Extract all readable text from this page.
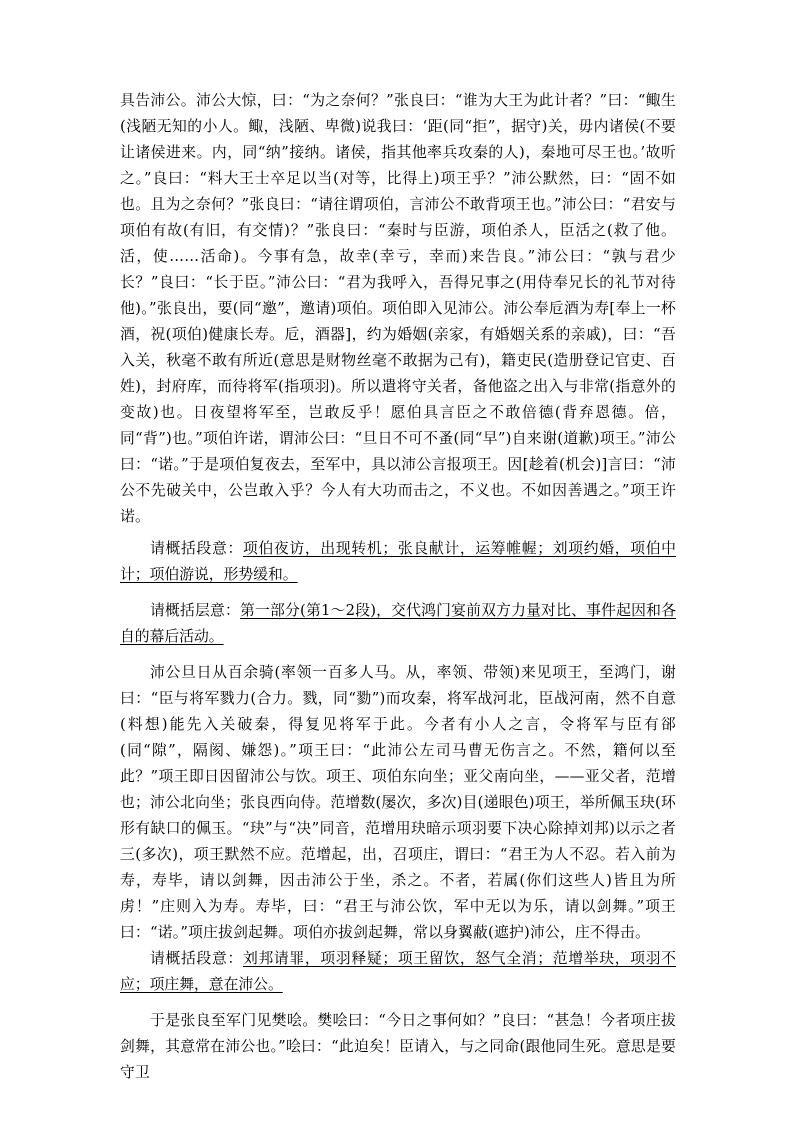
具告沛公。沛公大惊，曰：“为之奈何？”张良曰：“谁为大王为此计者？”曰：“鲰生(浅陋无知的小人。鲰，浅陋、卑微)说我曰：‘距(同“拒”，据守)关，毋内诸侯(不要让诸侯进来。内，同“纳”接纳。诸侯，指其他率兵攻秦的人)，秦地可尽王也。’故听之。”良曰：“料大王士卒足以当(对等，比得上)项王乎？”沛公默然，曰：“固不如也。且为之奈何？”张良曰：“请往谓项伯，言沛公不敢背项王也。”沛公曰：“君安与项伯有故(有旧，有交情)？”张良曰：“秦时与臣游，项伯杀人，臣活之(救了他。活，使……活命)。今事有急，故幸(幸亏，幸而)来告良。”沛公曰：“孰与君少长？”良曰：“长于臣。”沛公曰：“君为我呼入，吾得兄事之(用侍奉兄长的礼节对待他)。”张良出，要(同“邀”，邀请)项伯。项伯即入见沛公。沛公奉卮酒为寿[奉上一杯酒，祝(项伯)健康长寿。卮，酒器]，约为婚姻(亲家，有婚姻关系的亲戚)，曰：“吾入关，秋毫不敢有所近(意思是财物丝毫不敢据为己有)，籍吏民(造册登记官吏、百姓)，封府库，而待将军(指项羽)。所以遣将守关者，备他盗之出入与非常(指意外的变故)也。日夜望将军至，岂敢反乎！愿伯具言臣之不敢倍德(背弃恩德。倍，同“背”)也。”项伯许诺，谓沛公曰：“旦日不可不蚤(同“早”)自来谢(道歉)项王。”沛公曰：“诺。”于是项伯复夜去，至军中，具以沛公言报项王。因[趁着(机会)]言曰：“沛公不先破关中，公岂敢入乎？今人有大功而击之，不义也。不如因善遇之。”项王许诺。

请概括段意：项伯夜访，出现转机；张良献计，运筹帷幄；刘项约婚，项伯中计；项伯游说，形势缓和。

请概括层意：第一部分(第1～2段)，交代鸿门宴前双方力量对比、事件起因和各自的幕后活动。

沛公旦日从百余骑(率领一百多人马。从，率领、带领)来见项王，至鸿门，谢曰：“臣与将军戮力(合力。戮，同“勠”)而攻秦，将军战河北，臣战河南，然不自意(料想)能先入关破秦，得复见将军于此。今者有小人之言，令将军与臣有郤(同“隙”，隔阂、嫌怨)。”项王曰：“此沛公左司马曹无伤言之。不然，籍何以至此？”项王即日因留沛公与饮。项王、项伯东向坐；亚父南向坐，——亚父者，范增也；沛公北向坐；张良西向侍。范增数(屡次，多次)目(递眼色)项王，举所佩玉玦(环形有缺口的佩玉。“玦”与“决”同音，范增用玦暗示项羽要下决心除掉刘邦)以示之者三(多次)，项王默然不应。范增起，出，召项庄，谓曰：“君王为人不忍。若入前为寿，寿毕，请以剑舞，因击沛公于坐，杀之。不者，若属(你们这些人)皆且为所虏！”庄则入为寿。寿毕，曰：“君王与沛公饮，军中无以为乐，请以剑舞。”项王曰：“诺。”项庄拔剑起舞。项伯亦拔剑起舞，常以身翼蔽(遮护)沛公，庄不得击。

请概括段意：刘邦请罪，项羽释疑；项王留饮，怒气全消；范增举玦，项羽不应；项庄舞，意在沛公。

于是张良至军门见樊哙。樊哙曰：“今日之事何如？”良曰：“甚急！今者项庄拔剑舞，其意常在沛公也。”哙曰：“此迫矣！臣请入，与之同命(跟他同生死。意思是要守卫
